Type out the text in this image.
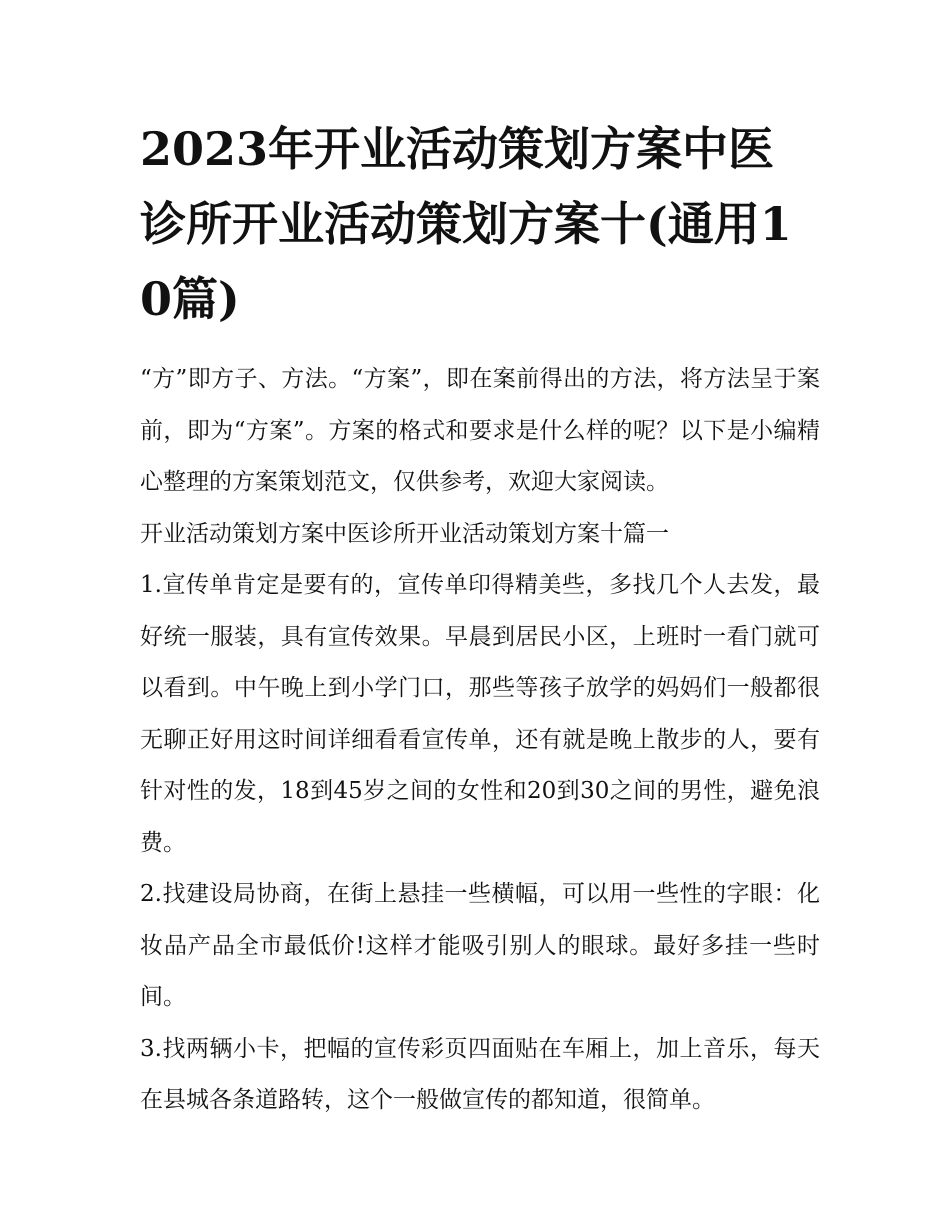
2023年开业活动策划方案中医诊所开业活动策划方案十(通用10篇)

“方”即方子、方法。“方案”，即在案前得出的方法，将方法呈于案前，即为“方案”。方案的格式和要求是什么样的呢？以下是小编精心整理的方案策划范文，仅供参考，欢迎大家阅读。

开业活动策划方案中医诊所开业活动策划方案十篇一

1.宣传单肯定是要有的，宣传单印得精美些，多找几个人去发，最好统一服装，具有宣传效果。早晨到居民小区，上班时一看门就可以看到。中午晚上到小学门口，那些等孩子放学的妈妈们一般都很无聊正好用这时间详细看看宣传单，还有就是晚上散步的人，要有针对性的发，18到45岁之间的女性和20到30之间的男性，避免浪费。

2.找建设局协商，在街上悬挂一些横幅，可以用一些性的字眼：化妆品产品全市最低价!这样才能吸引别人的眼球。最好多挂一些时间。

3.找两辆小卡，把幅的宣传彩页四面贴在车厢上，加上音乐，每天在县城各条道路转，这个一般做宣传的都知道，很简单。
